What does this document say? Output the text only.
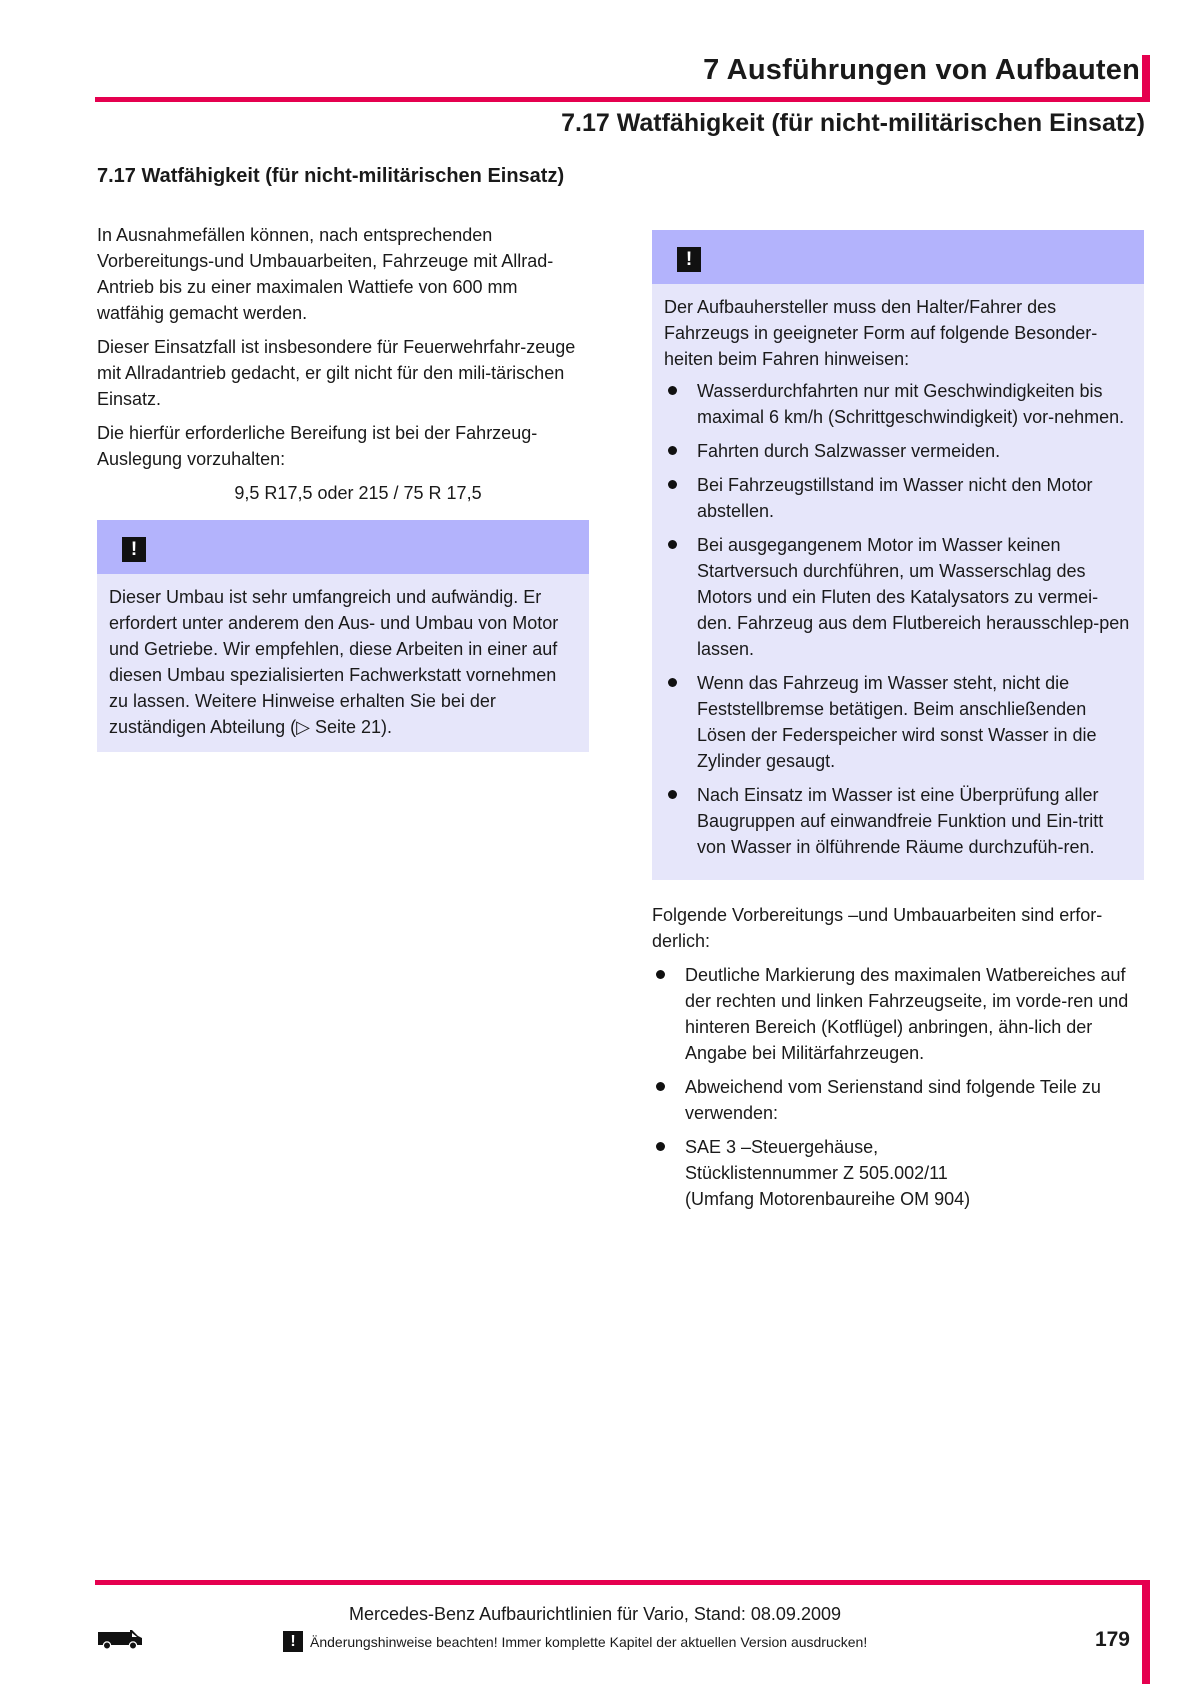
7 Ausführungen von Aufbauten
7.17 Watfähigkeit (für nicht-militärischen Einsatz)
7.17 Watfähigkeit (für nicht-militärischen Einsatz)

In Ausnahmefällen können, nach entsprechenden Vorbereitungs-und Umbauarbeiten, Fahrzeuge mit Allrad-Antrieb bis zu einer maximalen Wattiefe von 600 mm watfähig gemacht werden.

Dieser Einsatzfall ist insbesondere für Feuerwehrfahr-zeuge mit Allradantrieb gedacht, er gilt nicht für den mili-tärischen Einsatz.

Die hierfür erforderliche Bereifung ist bei der Fahrzeug-Auslegung vorzuhalten:

9,5 R17,5 oder 215 / 75 R 17,5

!

Dieser Umbau ist sehr umfangreich und aufwändig. Er erfordert unter anderem den Aus- und Umbau von Motor und Getriebe. Wir empfehlen, diese Arbeiten in einer auf diesen Umbau spezialisierten Fachwerkstatt vornehmen zu lassen. Weitere Hinweise erhalten Sie bei der zuständigen Abteilung (▷ Seite 21).

!

Der Aufbauhersteller muss den Halter/Fahrer des Fahrzeugs in geeigneter Form auf folgende Besonder-heiten beim Fahren hinweisen:

Wasserdurchfahrten nur mit Geschwindigkeiten bis maximal 6 km/h (Schrittgeschwindigkeit) vor-nehmen.
Fahrten durch Salzwasser vermeiden.
Bei Fahrzeugstillstand im Wasser nicht den Motor abstellen.
Bei ausgegangenem Motor im Wasser keinen Startversuch durchführen, um Wasserschlag des Motors und ein Fluten des Katalysators zu vermei-den. Fahrzeug aus dem Flutbereich herausschlep-pen lassen.
Wenn das Fahrzeug im Wasser steht, nicht die Feststellbremse betätigen. Beim anschließenden Lösen der Federspeicher wird sonst Wasser in die Zylinder gesaugt.
Nach Einsatz im Wasser ist eine Überprüfung aller Baugruppen auf einwandfreie Funktion und Ein-tritt von Wasser in ölführende Räume durchzufüh-ren.

Folgende Vorbereitungs –und Umbauarbeiten sind erfor-derlich:

Deutliche Markierung des maximalen Watbereiches auf der rechten und linken Fahrzeugseite, im vorde-ren und hinteren Bereich (Kotflügel) anbringen, ähn-lich der Angabe bei Militärfahrzeugen.
Abweichend vom Serienstand sind folgende Teile zu verwenden:
SAE 3 –Steuergehäuse,
Stücklistennummer Z 505.002/11
(Umfang Motorenbaureihe OM 904)
Mercedes-Benz Aufbaurichtlinien für Vario, Stand: 08.09.2009
!	Änderungshinweise beachten! Immer komplette Kapitel der aktuellen Version ausdrucken!	179
